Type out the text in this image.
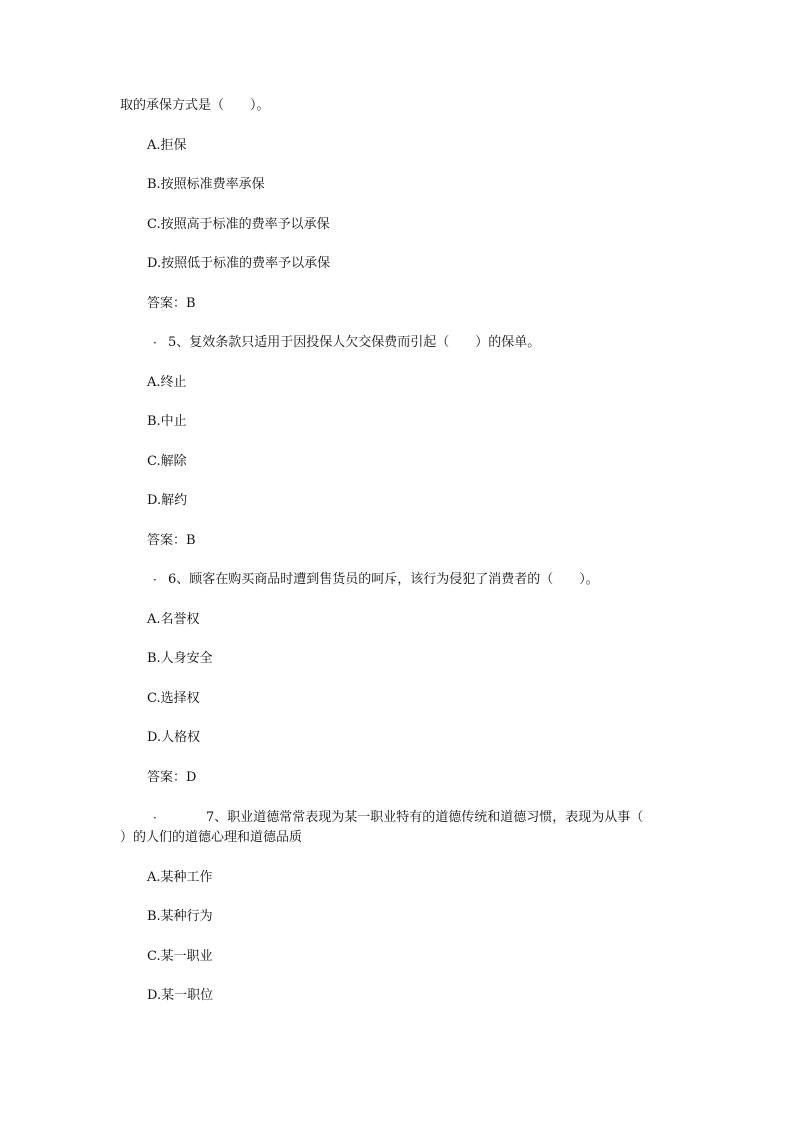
取的承保方式是（　　）。
A.拒保
B.按照标准费率承保
C.按照高于标准的费率予以承保
D.按照低于标准的费率予以承保
答案：B
· 5、复效条款只适用于因投保人欠交保费而引起（　　）的保单。
A.终止
B.中止
C.解除
D.解约
答案：B
· 6、顾客在购买商品时遭到售货员的呵斥，该行为侵犯了消费者的（　　）。
A.名誉权
B.人身安全
C.选择权
D.人格权
答案：D
·	7、职业道德常常表现为某一职业特有的道德传统和道德习惯，表现为从事（
）的人们的道德心理和道德品质
A.某种工作
B.某种行为
C.某一职业
D.某一职位
